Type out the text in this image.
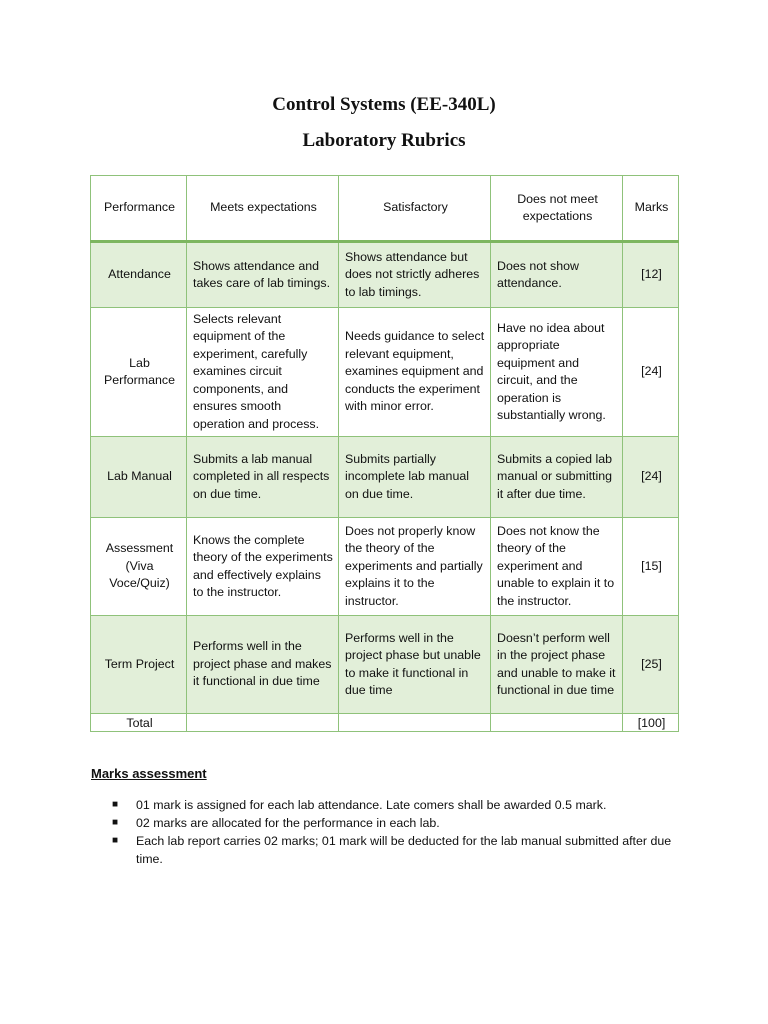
Control Systems (EE-340L)
Laboratory Rubrics
Performance	Meets expectations	Satisfactory	Does not meet expectations	Marks
Attendance	Shows attendance and takes care of lab timings.	Shows attendance but does not strictly adheres to lab timings.	Does not show attendance.	[12]
Lab Performance	Selects relevant equipment of the experiment, carefully examines circuit components, and ensures smooth operation and process.	Needs guidance to select relevant equipment, examines equipment and conducts the experiment with minor error.	Have no idea about appropriate equipment and circuit, and the operation is substantially wrong.	[24]
Lab Manual	Submits a lab manual completed in all respects on due time.	Submits partially incomplete lab manual on due time.	Submits a copied lab manual or submitting it after due time.	[24]
Assessment (Viva Voce/Quiz)	Knows the complete theory of the experiments and effectively explains to the instructor.	Does not properly know the theory of the experiments and partially explains it to the instructor.	Does not know the theory of the experiment and unable to explain it to the instructor.	[15]
Term Project	Performs well in the project phase and makes it functional in due time	Performs well in the project phase but unable to make it functional in due time	Doesn’t perform well in the project phase and unable to make it functional in due time	[25]
Total				[100]
Marks assessment
■ 01 mark is assigned for each lab attendance. Late comers shall be awarded 0.5 mark.
■ 02 marks are allocated for the performance in each lab.
■ Each lab report carries 02 marks; 01 mark will be deducted for the lab manual submitted after due time.
